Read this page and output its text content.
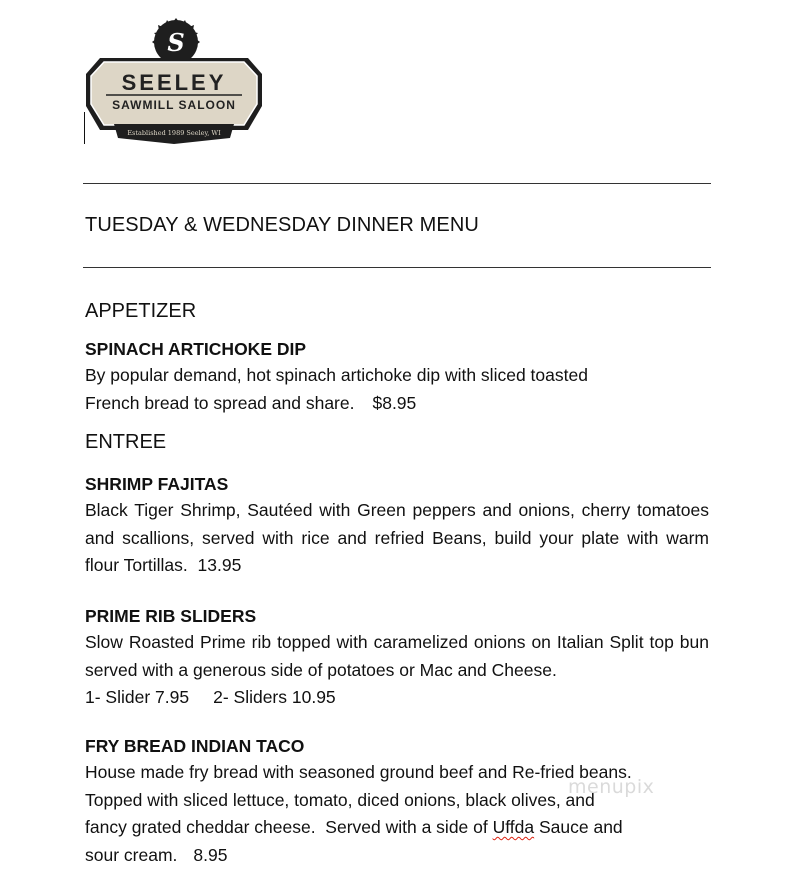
S
SEELEY
SAWMILL SALOON
Established 1989 Seeley, WI
TUESDAY & WEDNESDAY DINNER MENU
APPETIZER
SPINACH ARTICHOKE DIP
By popular demand, hot spinach artichoke dip with sliced toasted
French bread to spread and share. $8.95
ENTREE
SHRIMP FAJITAS
Black Tiger Shrimp, Sautéed with Green peppers and onions, cherry tomatoes and scallions, served with rice and refried Beans, build your plate with warm flour Tortillas. 13.95
PRIME RIB SLIDERS
Slow Roasted Prime rib topped with caramelized onions on Italian Split top bun served with a generous side of potatoes or Mac and Cheese.
1- Slider 7.95 2- Sliders 10.95
FRY BREAD INDIAN TACO
House made fry bread with seasoned ground beef and Re-fried beans.
Topped with sliced lettuce, tomato, diced onions, black olives, and
fancy grated cheddar cheese.  Served with a side of Uffda Sauce and
sour cream. 8.95
menupix
